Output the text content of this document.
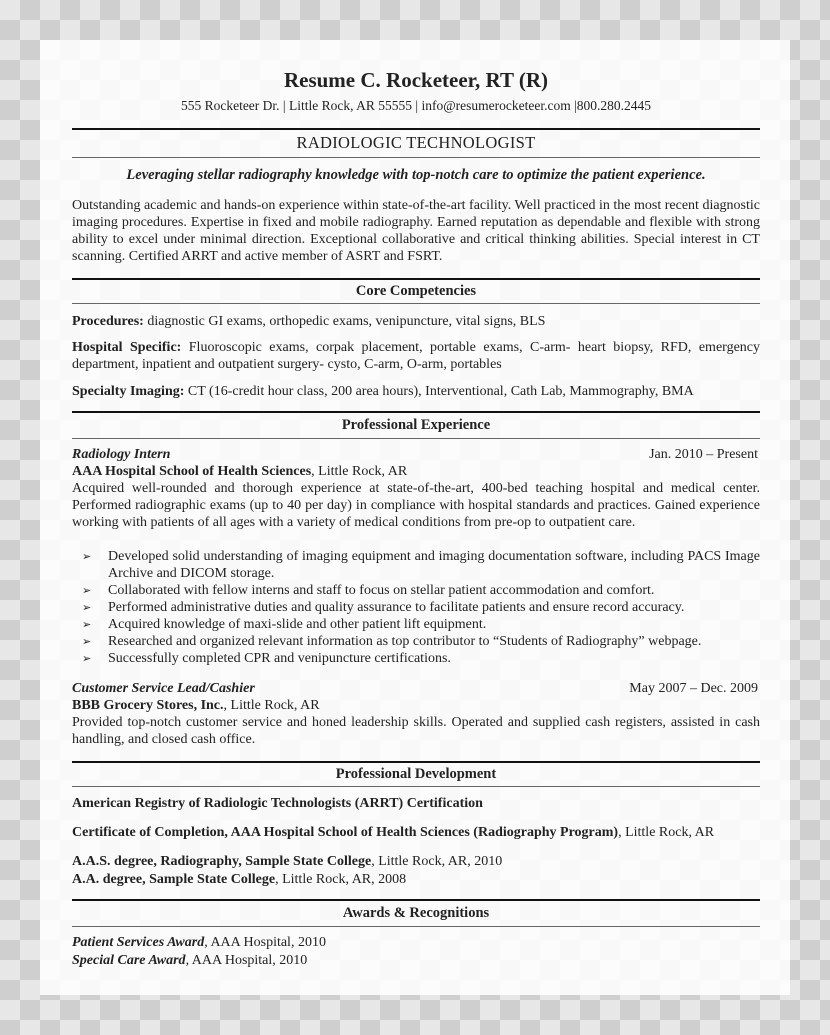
Resume C. Rocketeer, RT (R)
555 Rocketeer Dr. | Little Rock, AR 55555 | info@resumerocketeer.com |800.280.2445
RADIOLOGIC TECHNOLOGIST
Leveraging stellar radiography knowledge with top-notch care to optimize the patient experience.
Outstanding academic and hands-on experience within state-of-the-art facility. Well practiced in the most recent diagnostic imaging procedures. Expertise in fixed and mobile radiography. Earned reputation as dependable and flexible with strong ability to excel under minimal direction. Exceptional collaborative and critical thinking abilities. Special interest in CT scanning. Certified ARRT and active member of ASRT and FSRT.
Core Competencies
Procedures: diagnostic GI exams, orthopedic exams, venipuncture, vital signs, BLS
Hospital Specific: Fluoroscopic exams, corpak placement, portable exams, C-arm- heart biopsy, RFD, emergency department, inpatient and outpatient surgery- cysto, C-arm, O-arm, portables
Specialty Imaging: CT (16-credit hour class, 200 area hours), Interventional, Cath Lab, Mammography, BMA
Professional Experience
Radiology Intern	Jan. 2010 – Present
AAA Hospital School of Health Sciences, Little Rock, AR
Acquired well-rounded and thorough experience at state-of-the-art, 400-bed teaching hospital and medical center. Performed radiographic exams (up to 40 per day) in compliance with hospital standards and practices. Gained experience working with patients of all ages with a variety of medical conditions from pre-op to outpatient care.
➢ Developed solid understanding of imaging equipment and imaging documentation software, including PACS Image Archive and DICOM storage.
➢ Collaborated with fellow interns and staff to focus on stellar patient accommodation and comfort.
➢ Performed administrative duties and quality assurance to facilitate patients and ensure record accuracy.
➢ Acquired knowledge of maxi-slide and other patient lift equipment.
➢ Researched and organized relevant information as top contributor to “Students of Radiography” webpage.
➢ Successfully completed CPR and venipuncture certifications.
Customer Service Lead/Cashier	May 2007 – Dec. 2009
BBB Grocery Stores, Inc., Little Rock, AR
Provided top-notch customer service and honed leadership skills. Operated and supplied cash registers, assisted in cash handling, and closed cash office.
Professional Development
American Registry of Radiologic Technologists (ARRT) Certification
Certificate of Completion, AAA Hospital School of Health Sciences (Radiography Program), Little Rock, AR
A.A.S. degree, Radiography, Sample State College, Little Rock, AR, 2010
A.A. degree, Sample State College, Little Rock, AR, 2008
Awards & Recognitions
Patient Services Award, AAA Hospital, 2010
Special Care Award, AAA Hospital, 2010
